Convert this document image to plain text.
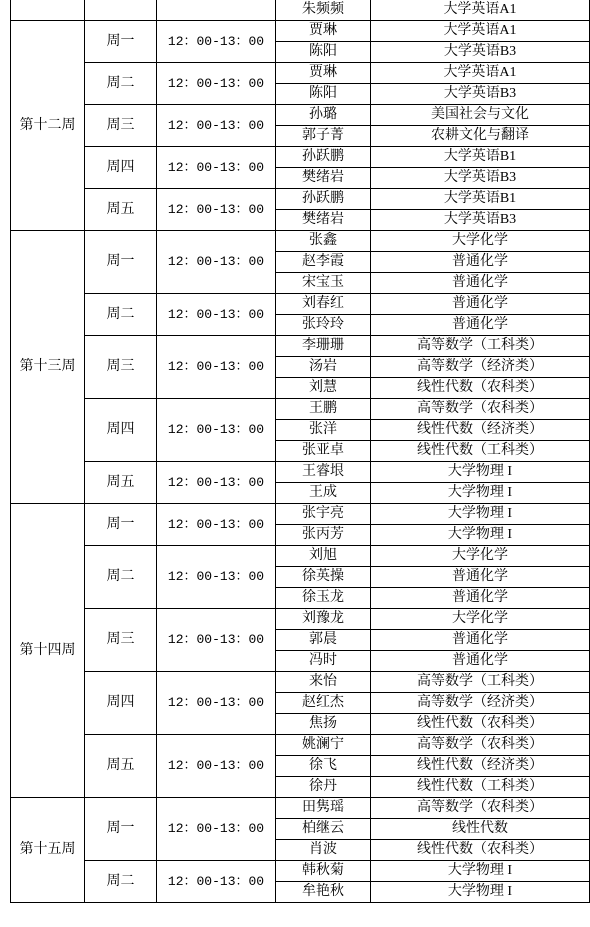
			朱频频	大学英语A1
第十二周	周一	12：00-13：00	贾琳	大学英语A1
			陈阳	大学英语B3
	周二	12：00-13：00	贾琳	大学英语A1
			陈阳	大学英语B3
	周三	12：00-13：00	孙璐	美国社会与文化
			郭子菁	农耕文化与翻译
	周四	12：00-13：00	孙跃鹏	大学英语B1
			樊绪岩	大学英语B3
	周五	12：00-13：00	孙跃鹏	大学英语B1
			樊绪岩	大学英语B3
第十三周	周一	12：00-13：00	张鑫	大学化学
			赵李霞	普通化学
			宋宝玉	普通化学
	周二	12：00-13：00	刘春红	普通化学
			张玲玲	普通化学
	周三	12：00-13：00	李珊珊	高等数学（工科类）
			汤岩	高等数学（经济类）
			刘慧	线性代数（农科类）
	周四	12：00-13：00	王鹏	高等数学（农科类）
			张洋	线性代数（经济类）
			张亚卓	线性代数（工科类）
	周五	12：00-13：00	王睿垠	大学物理 I
			王成	大学物理 I
第十四周	周一	12：00-13：00	张宇亮	大学物理 I
			张丙芳	大学物理 I
	周二	12：00-13：00	刘旭	大学化学
			徐英操	普通化学
			徐玉龙	普通化学
	周三	12：00-13：00	刘豫龙	大学化学
			郭晨	普通化学
			冯时	普通化学
	周四	12：00-13：00	来怡	高等数学（工科类）
			赵红杰	高等数学（经济类）
			焦扬	线性代数（农科类）
	周五	12：00-13：00	姚澜宁	高等数学（农科类）
			徐飞	线性代数（经济类）
			徐丹	线性代数（工科类）
第十五周	周一	12：00-13：00	田隽瑶	高等数学（农科类）
			柏继云	线性代数
			肖波	线性代数（农科类）
	周二	12：00-13：00	韩秋菊	大学物理 I
			牟艳秋	大学物理 I
